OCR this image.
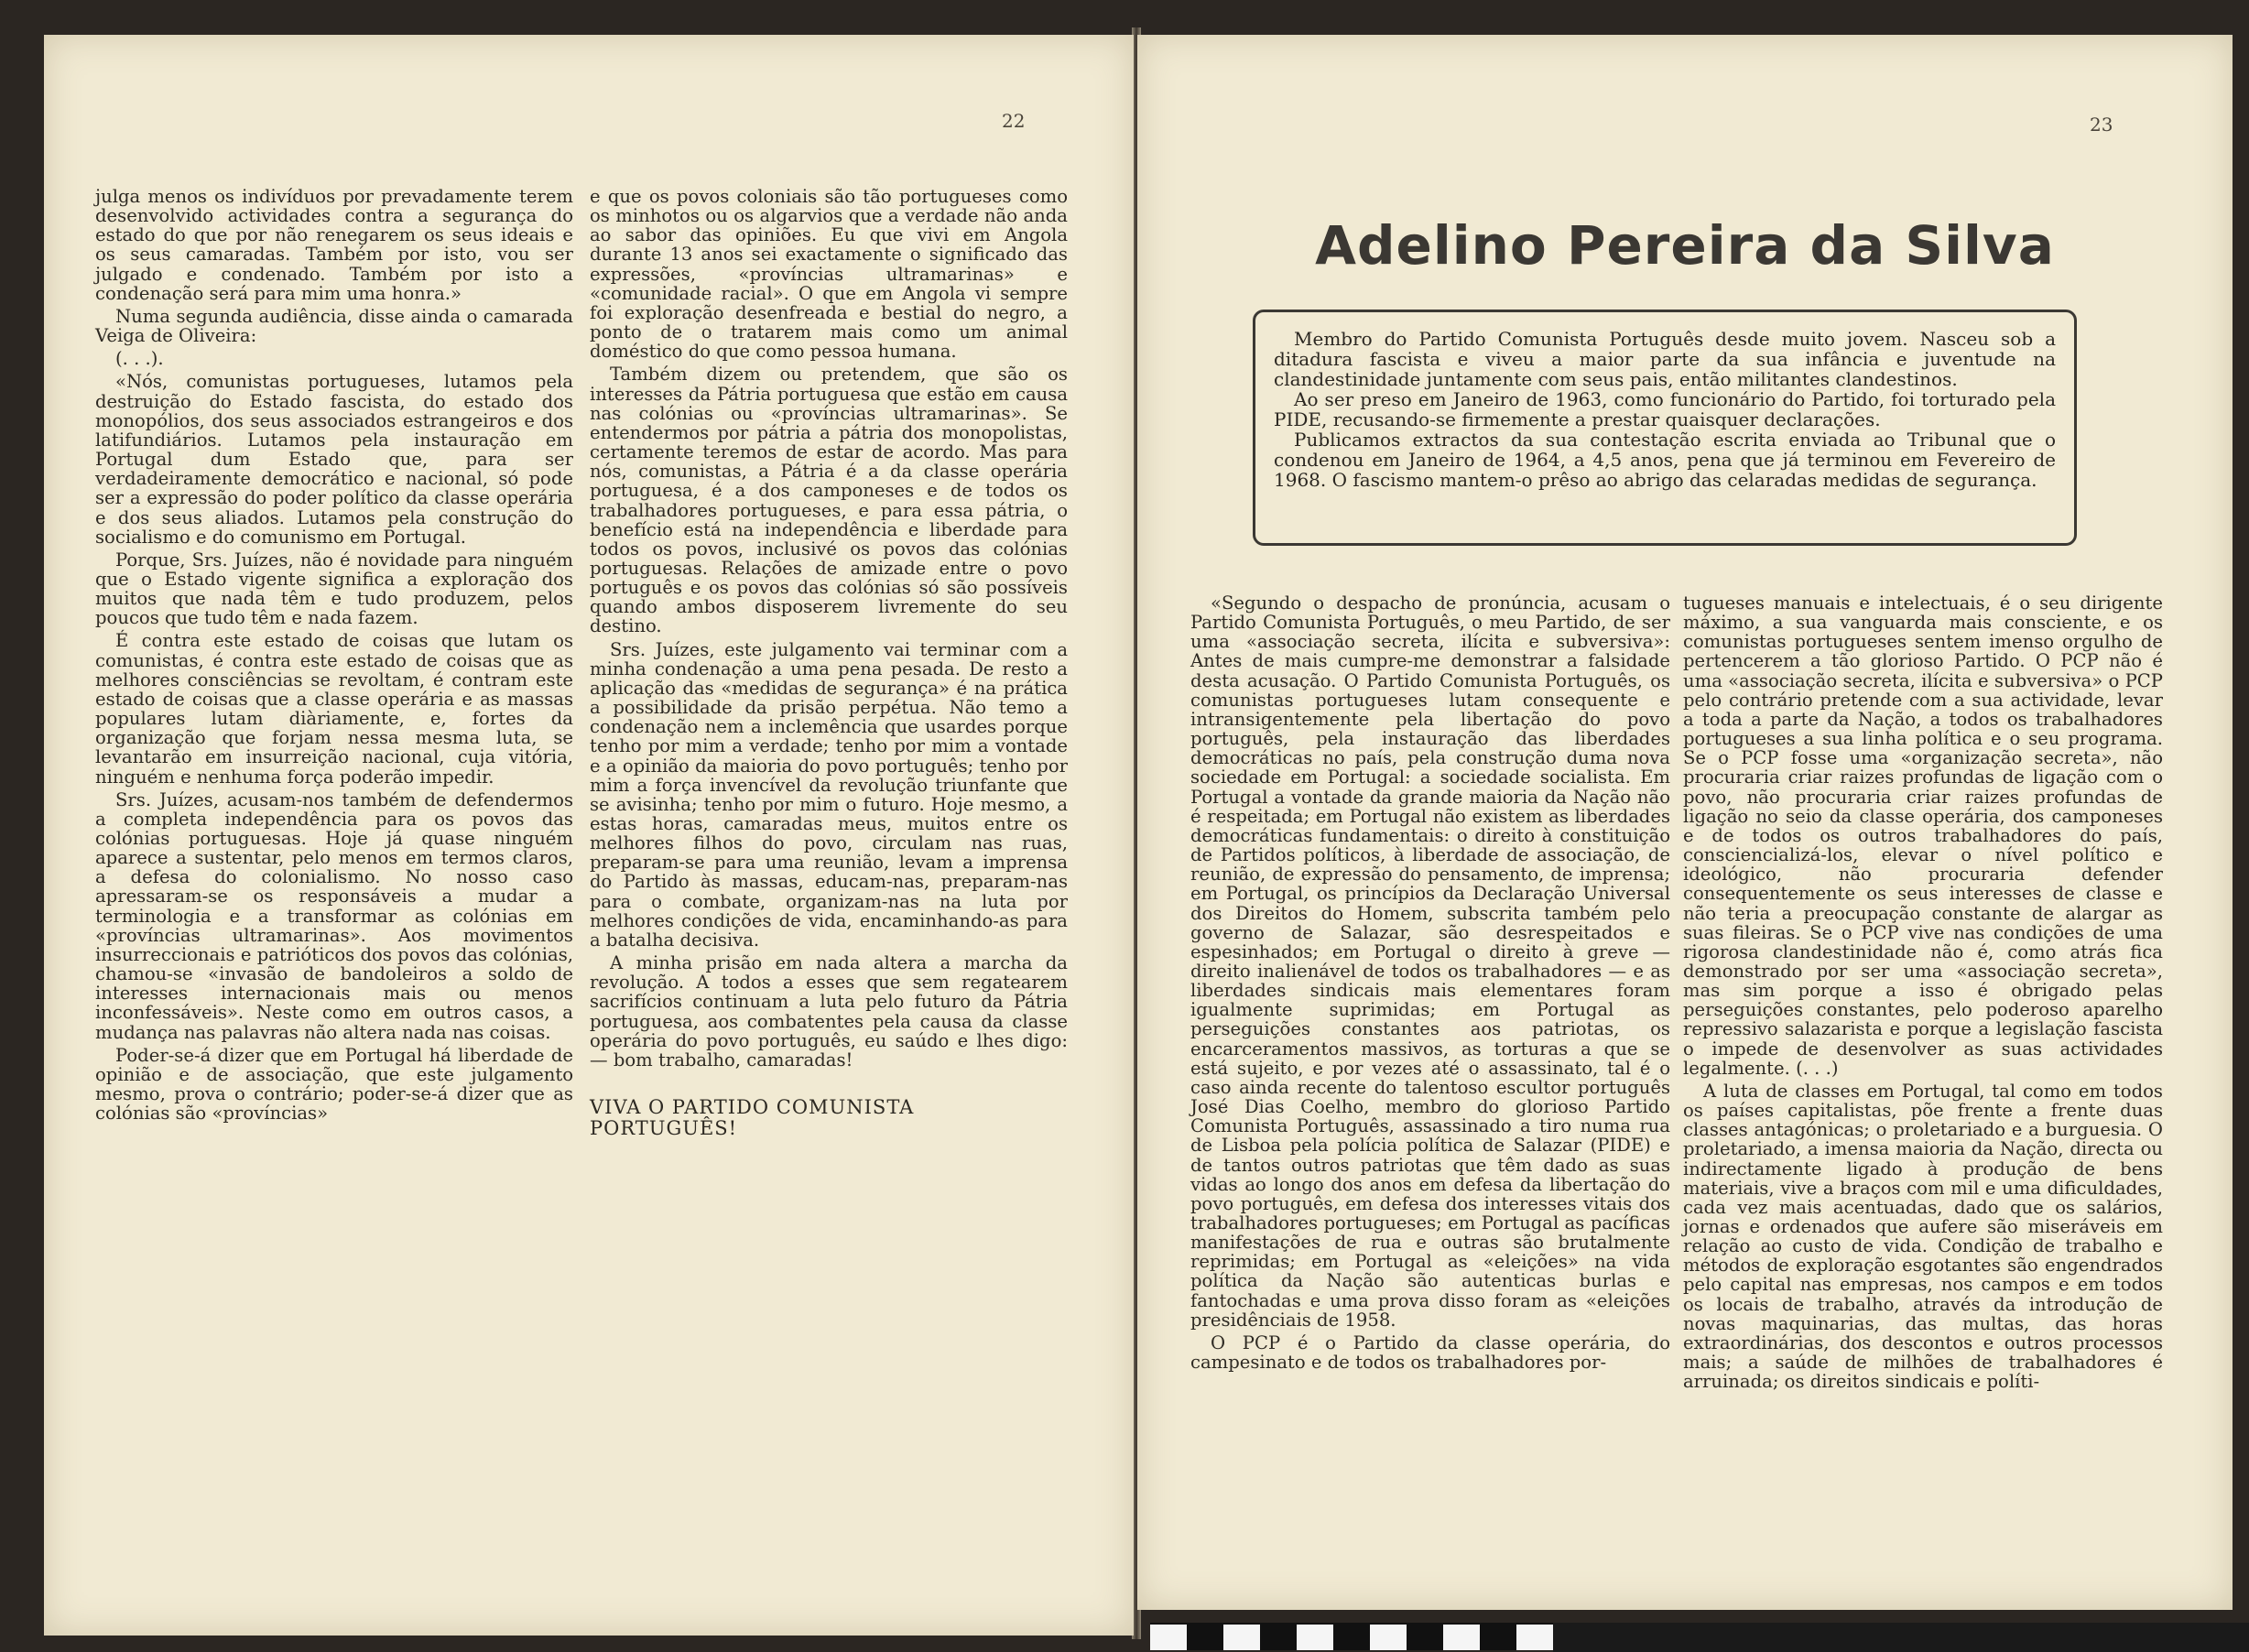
22

julga menos os indivíduos por prevadamente terem desenvolvido actividades contra a segurança do estado do que por não renegarem os seus ideais e os seus camaradas. Também por isto, vou ser julgado e condenado. Também por isto a condenação será para mim uma honra.»

Numa segunda audiência, disse ainda o camarada Veiga de Oliveira:

(. . .).

«Nós, comunistas portugueses, lutamos pela destruição do Estado fascista, do estado dos monopólios, dos seus associados estrangeiros e dos latifundiários. Lutamos pela instauração em Portugal dum Estado que, para ser verdadeiramente democrático e nacional, só pode ser a expressão do poder político da classe operária e dos seus aliados. Lutamos pela construção do socialismo e do comunismo em Portugal.

Porque, Srs. Juízes, não é novidade para ninguém que o Estado vigente significa a exploração dos muitos que nada têm e tudo produzem, pelos poucos que tudo têm e nada fazem.

É contra este estado de coisas que lutam os comunistas, é contra este estado de coisas que as melhores consciências se revoltam, é contram este estado de coisas que a classe operária e as massas populares lutam diàriamente, e, fortes da organização que forjam nessa mesma luta, se levantarão em insurreição nacional, cuja vitória, ninguém e nenhuma força poderão impedir.

Srs. Juízes, acusam-nos também de defendermos a completa independência para os povos das colónias portuguesas. Hoje já quase ninguém aparece a sustentar, pelo menos em termos claros, a defesa do colonialismo. No nosso caso apressaram-se os responsáveis a mudar a terminologia e a transformar as colónias em «províncias ultramarinas». Aos movimentos insurreccionais e patrióticos dos povos das colónias, chamou-se «invasão de bandoleiros a soldo de interesses internacionais mais ou menos inconfessáveis». Neste como em outros casos, a mudança nas palavras não altera nada nas coisas.

Poder-se-á dizer que em Portugal há liberdade de opinião e de associação, que este julgamento mesmo, prova o contrário; poder-se-á dizer que as colónias são «províncias»

e que os povos coloniais são tão portugueses como os minhotos ou os algarvios que a verdade não anda ao sabor das opiniões. Eu que vivi em Angola durante 13 anos sei exactamente o significado das expressões, «províncias ultramarinas» e «comunidade racial». O que em Angola vi sempre foi exploração desenfreada e bestial do negro, a ponto de o tratarem mais como um animal doméstico do que como pessoa humana.

Também dizem ou pretendem, que são os interesses da Pátria portuguesa que estão em causa nas colónias ou «províncias ultramarinas». Se entendermos por pátria a pátria dos monopolistas, certamente teremos de estar de acordo. Mas para nós, comunistas, a Pátria é a da classe operária portuguesa, é a dos camponeses e de todos os trabalhadores portugueses, e para essa pátria, o benefício está na independência e liberdade para todos os povos, inclusivé os povos das colónias portuguesas. Relações de amizade entre o povo português e os povos das colónias só são possíveis quando ambos disposerem livremente do seu destino.

Srs. Juízes, este julgamento vai terminar com a minha condenação a uma pena pesada. De resto a aplicação das «medidas de segurança» é na prática a possibilidade da prisão perpétua. Não temo a condenação nem a inclemência que usardes porque tenho por mim a verdade; tenho por mim a vontade e a opinião da maioria do povo português; tenho por mim a força invencível da revolução triunfante que se avisinha; tenho por mim o futuro. Hoje mesmo, a estas horas, camaradas meus, muitos entre os melhores filhos do povo, circulam nas ruas, preparam-se para uma reunião, levam a imprensa do Partido às massas, educam-nas, preparam-nas para o combate, organizam-nas na luta por melhores condições de vida, encaminhando-as para a batalha decisiva.

A minha prisão em nada altera a marcha da revolução. A todos a esses que sem regatearem sacrifícios continuam a luta pelo futuro da Pátria portuguesa, aos combatentes pela causa da classe operária do povo português, eu saúdo e lhes digo: — bom trabalho, camaradas!

VIVA O PARTIDO COMUNISTA PORTUGUÊS!

23
Adelino Pereira da Silva

Membro do Partido Comunista Português desde muito jovem. Nasceu sob a ditadura fascista e viveu a maior parte da sua infância e juventude na clandestinidade juntamente com seus pais, então militantes clandestinos.

Ao ser preso em Janeiro de 1963, como funcionário do Partido, foi torturado pela PIDE, recusando-se firmemente a prestar quaisquer declarações.

Publicamos extractos da sua contestação escrita enviada ao Tribunal que o condenou em Janeiro de 1964, a 4,5 anos, pena que já terminou em Fevereiro de 1968. O fascismo mantem-o prêso ao abrigo das celaradas medidas de segurança.

«Segundo o despacho de pronúncia, acusam o Partido Comunista Português, o meu Partido, de ser uma «associação secreta, ilícita e subversiva»: Antes de mais cumpre-me demonstrar a falsidade desta acusação. O Partido Comunista Português, os comunistas portugueses lutam consequente e intransigentemente pela libertação do povo português, pela instauração das liberdades democráticas no país, pela construção duma nova sociedade em Portugal: a sociedade socialista. Em Portugal a vontade da grande maioria da Nação não é respeitada; em Portugal não existem as liberdades democráticas fundamentais: o direito à constituição de Partidos políticos, à liberdade de associação, de reunião, de expressão do pensamento, de imprensa; em Portugal, os princípios da Declaração Universal dos Direitos do Homem, subscrita também pelo governo de Salazar, são desrespeitados e espesinhados; em Portugal o direito à greve — direito inalienável de todos os trabalhadores — e as liberdades sindicais mais elementares foram igualmente suprimidas; em Portugal as perseguições constantes aos patriotas, os encarceramentos massivos, as torturas a que se está sujeito, e por vezes até o assassinato, tal é o caso ainda recente do talentoso escultor português José Dias Coelho, membro do glorioso Partido Comunista Português, assassinado a tiro numa rua de Lisboa pela polícia política de Salazar (PIDE) e de tantos outros patriotas que têm dado as suas vidas ao longo dos anos em defesa da libertação do povo português, em defesa dos interesses vitais dos trabalhadores portugueses; em Portugal as pacíficas manifestações de rua e outras são brutalmente reprimidas; em Portugal as «eleições» na vida política da Nação são autenticas burlas e fantochadas e uma prova disso foram as «eleições presidênciais de 1958.

O PCP é o Partido da classe operária, do campesinato e de todos os trabalhadores por-

tugueses manuais e intelectuais, é o seu dirigente máximo, a sua vanguarda mais consciente, e os comunistas portugueses sentem imenso orgulho de pertencerem a tão glorioso Partido. O PCP não é uma «associação secreta, ilícita e subversiva» o PCP pelo contrário pretende com a sua actividade, levar a toda a parte da Nação, a todos os trabalhadores portugueses a sua linha política e o seu programa. Se o PCP fosse uma «organização secreta», não procuraria criar raizes profundas de ligação com o povo, não procuraria criar raizes profundas de ligação no seio da classe operária, dos camponeses e de todos os outros trabalhadores do país, consciencializá-los, elevar o nível político e ideológico, não procuraria defender consequentemente os seus interesses de classe e não teria a preocupação constante de alargar as suas fileiras. Se o PCP vive nas condições de uma rigorosa clandestinidade não é, como atrás fica demonstrado por ser uma «associação secreta», mas sim porque a isso é obrigado pelas perseguições constantes, pelo poderoso aparelho repressivo salazarista e porque a legislação fascista o impede de desenvolver as suas actividades legalmente. (. . .)

A luta de classes em Portugal, tal como em todos os países capitalistas, põe frente a frente duas classes antagónicas; o proletariado e a burguesia. O proletariado, a imensa maioria da Nação, directa ou indirectamente ligado à produção de bens materiais, vive a braços com mil e uma dificuldades, cada vez mais acentuadas, dado que os salários, jornas e ordenados que aufere são miseráveis em relação ao custo de vida. Condição de trabalho e métodos de exploração esgotantes são engendrados pelo capital nas empresas, nos campos e em todos os locais de trabalho, através da introdução de novas maquinarias, das multas, das horas extraordinárias, dos descontos e outros processos mais; a saúde de milhões de trabalhadores é arruinada; os direitos sindicais e políti-
